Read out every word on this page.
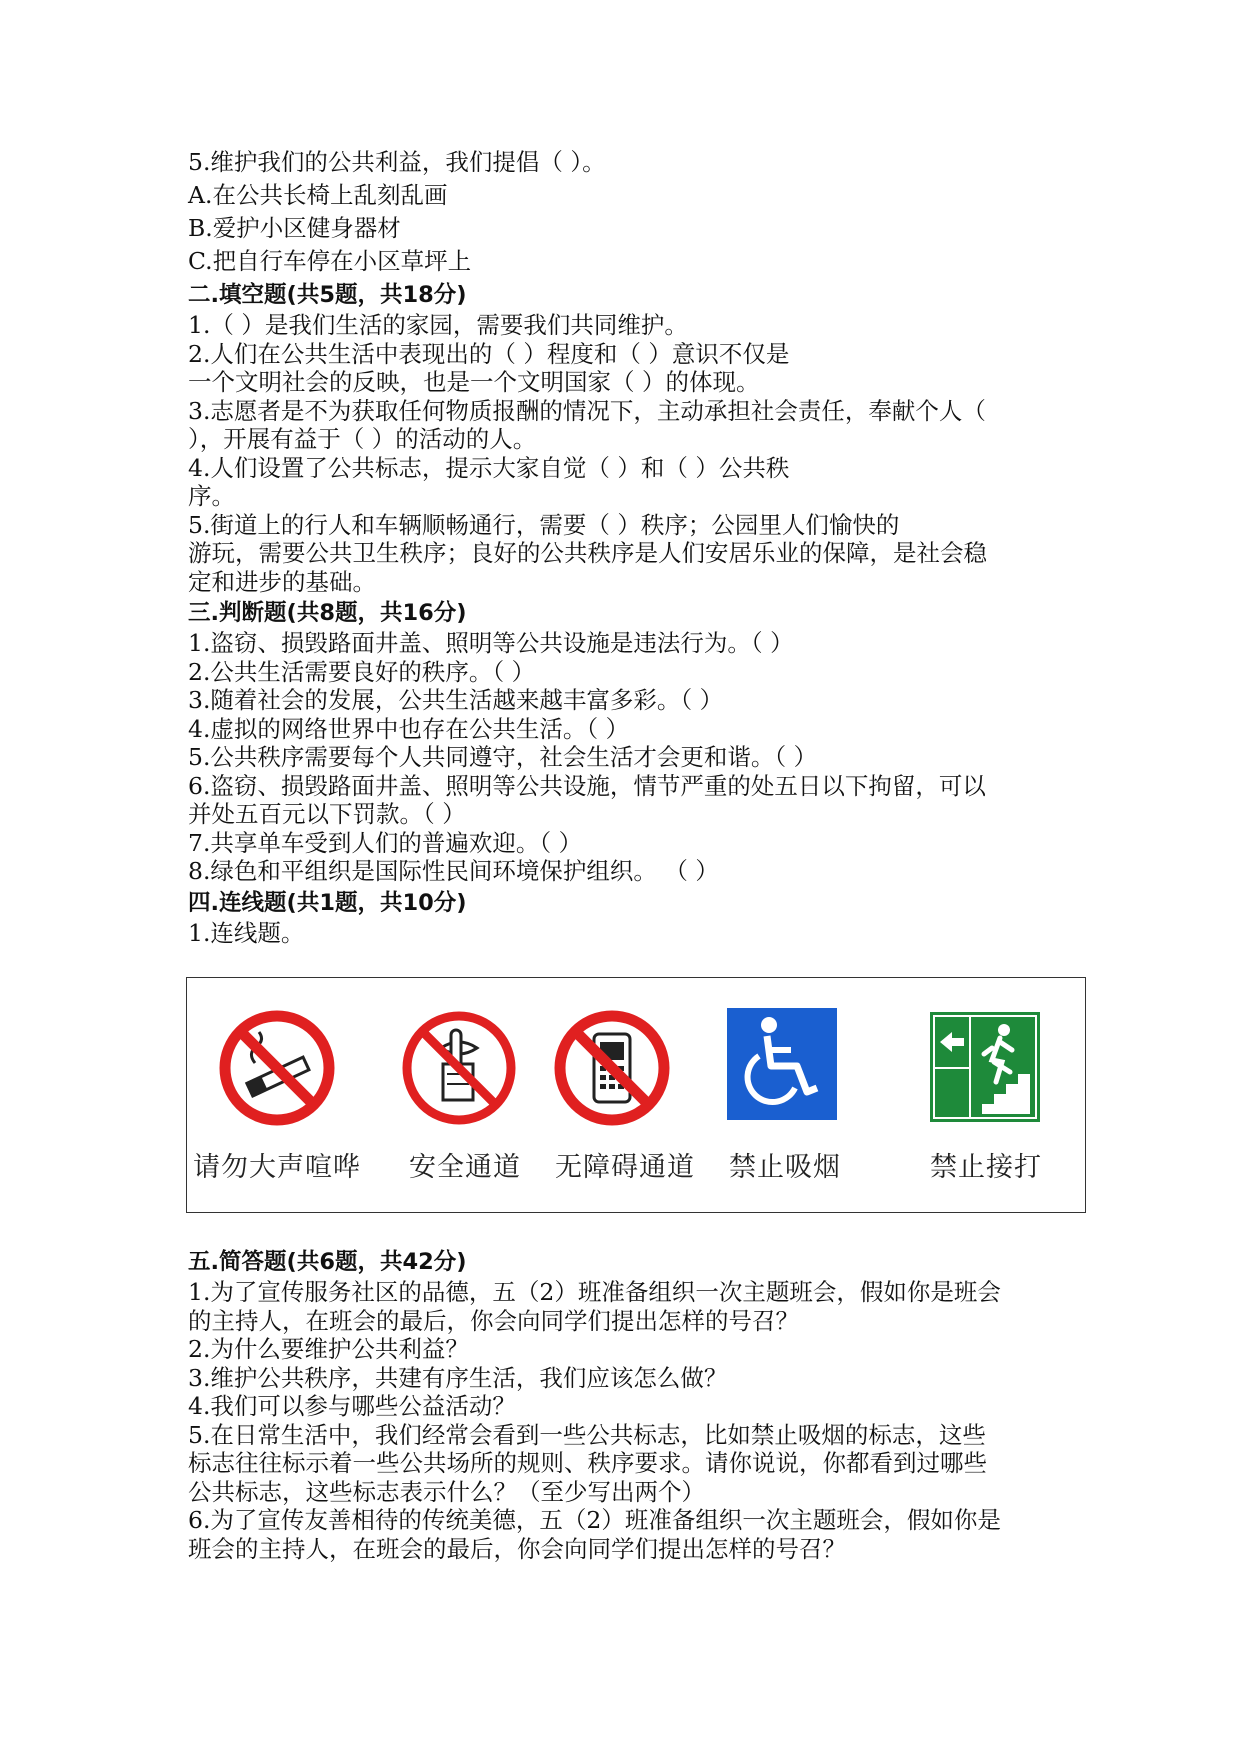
5.维护我们的公共利益，我们提倡（ ）。
A.在公共长椅上乱刻乱画
B.爱护小区健身器材
C.把自行车停在小区草坪上
二.填空题(共5题，共18分)
1.（ ）是我们生活的家园，需要我们共同维护。
2.人们在公共生活中表现出的（ ）程度和（ ）意识不仅是
一个文明社会的反映，也是一个文明国家（ ）的体现。
3.志愿者是不为获取任何物质报酬的情况下，主动承担社会责任，奉献个人（
），开展有益于（ ）的活动的人。
4.人们设置了公共标志，提示大家自觉（ ）和（ ）公共秩
序。
5.街道上的行人和车辆顺畅通行，需要（ ）秩序；公园里人们愉快的
游玩，需要公共卫生秩序；良好的公共秩序是人们安居乐业的保障，是社会稳
定和进步的基础。
三.判断题(共8题，共16分)
1.盗窃、损毁路面井盖、照明等公共设施是违法行为。（ ）
2.公共生活需要良好的秩序。（ ）
3.随着社会的发展，公共生活越来越丰富多彩。（ ）
4.虚拟的网络世界中也存在公共生活。（ ）
5.公共秩序需要每个人共同遵守，社会生活才会更和谐。（ ）
6.盗窃、损毁路面井盖、照明等公共设施，情节严重的处五日以下拘留，可以
并处五百元以下罚款。（ ）
7.共享单车受到人们的普遍欢迎。（ ）
8.绿色和平组织是国际性民间环境保护组织。 （ ）
四.连线题(共1题，共10分)
1.连线题。
请勿大声喧哗 安全通道 无障碍通道 禁止吸烟	禁止接打
五.简答题(共6题，共42分)
1.为了宣传服务社区的品德，五（2）班准备组织一次主题班会，假如你是班会
的主持人，在班会的最后，你会向同学们提出怎样的号召？
2.为什么要维护公共利益？
3.维护公共秩序，共建有序生活，我们应该怎么做？
4.我们可以参与哪些公益活动？
5.在日常生活中，我们经常会看到一些公共标志，比如禁止吸烟的标志，这些
标志往往标示着一些公共场所的规则、秩序要求。请你说说，你都看到过哪些
公共标志，这些标志表示什么？（至少写出两个）
6.为了宣传友善相待的传统美德，五（2）班准备组织一次主题班会，假如你是
班会的主持人，在班会的最后，你会向同学们提出怎样的号召？
